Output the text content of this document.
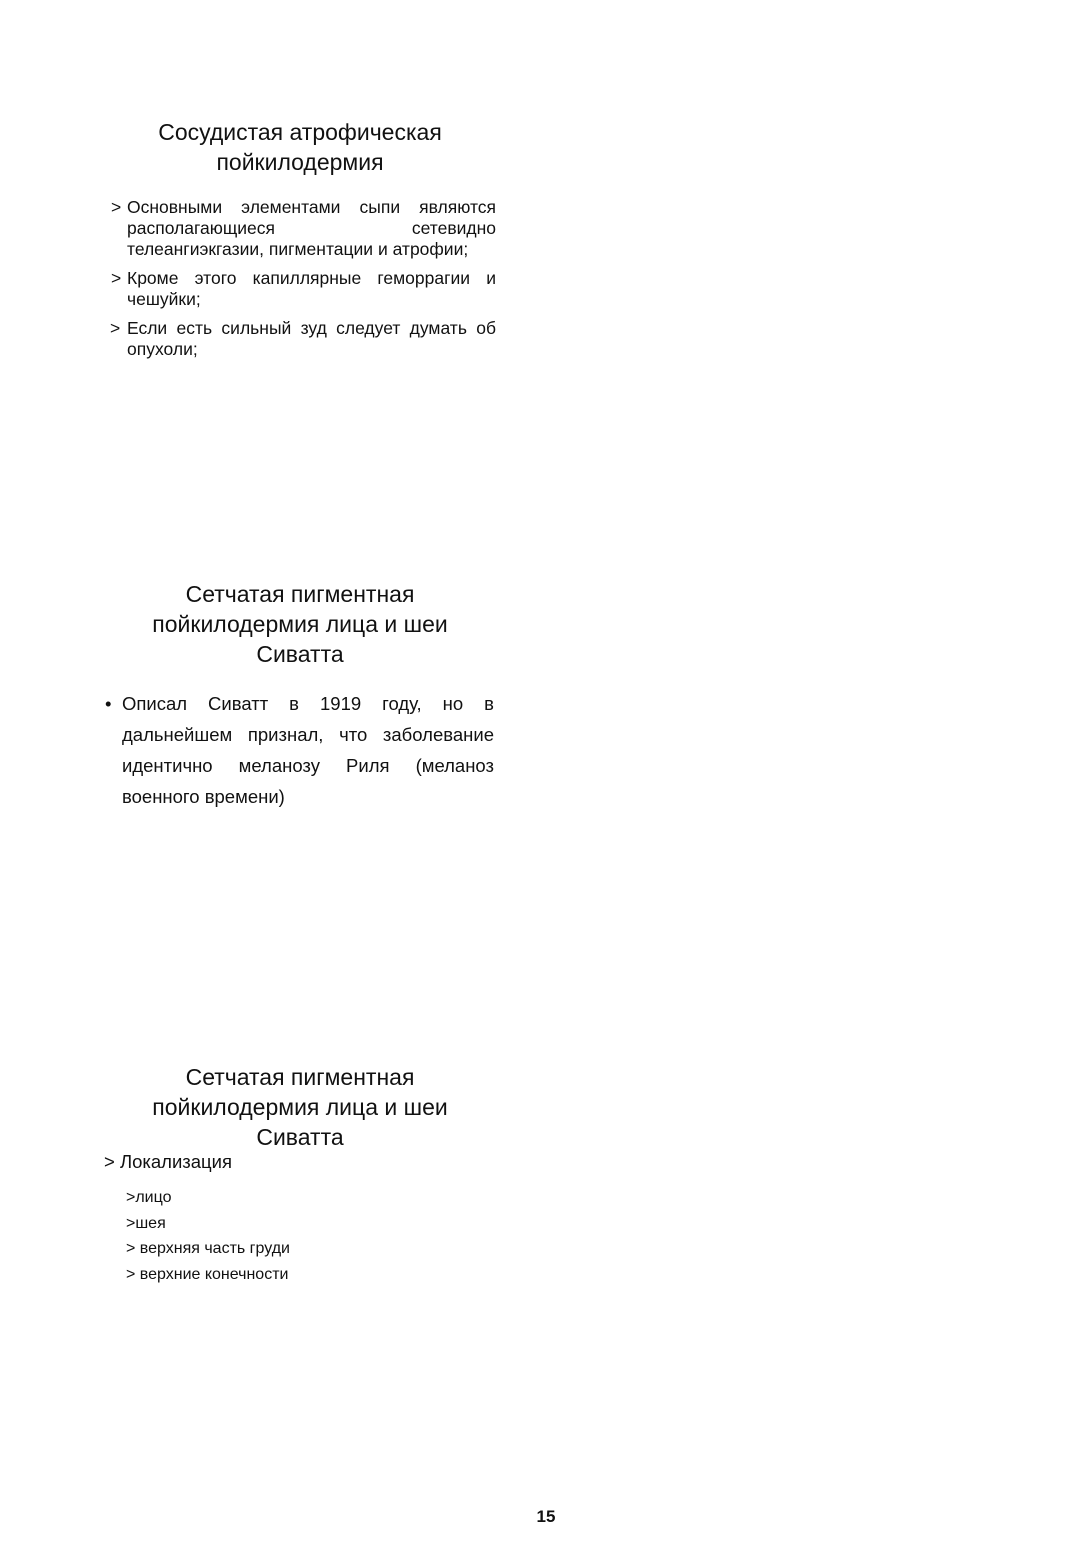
Сосудистая атрофическая
пойкилодермия
> Основными элементами сыпи являются располагающиеся сетевидно телеангиэкгазии, пигментации и атрофии;
> Кроме этого капиллярные геморрагии и чешуйки;
> Если есть сильный зуд следует думать об опухоли;
Сетчатая пигментная
пойкилодермия лица и шеи
Сиватта
• Описал Сиватт в 1919 году, но в дальнейшем признал, что заболевание идентично меланозу Риля (меланоз военного времени)
Сетчатая пигментная
пойкилодермия лица и шеи
Сиватта
> Локализация
>лицо
>шея
> верхняя часть груди
> верхние конечности
15
